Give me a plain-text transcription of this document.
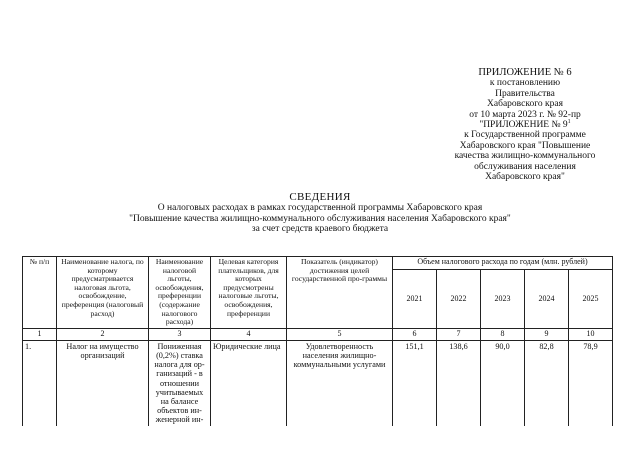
ПРИЛОЖЕНИЕ № 6
к постановлению
Правительства
Хабаровского края
от 10 марта 2023 г. № 92-пр
"ПРИЛОЖЕНИЕ № $9^1$
к Государственной программе
Хабаровского края "Повышение
качества жилищно-коммунального
обслуживания населения
Хабаровского края"
СВЕДЕНИЯ
О налоговых расходах в рамках государственной программы Хабаровского края
"Повышение качества жилищно-коммунального обслуживания населения Хабаровского края"
за счет средств краевого бюджета
№ п/п	Наименование налога, по которому предусматривается налоговая льгота, освобождение, преференция (налоговый расход)	Наименование налоговой льготы, освобождения, преференции (содержание налогового расхода)	Целевая категория плательщиков, для которых предусмотрены налоговые льготы, освобождения, преференции	Показатель (индикатор) достижения целей государственной про-граммы	Объем налогового расхода по годам (млн. рублей)				
					2021	2022	2023	2024	2025
1	2	3	4	5	6	7	8	9	10
1.	Налог на имущество организаций	Пониженная (0,2%) ставка налога для ор-ганизаций - в отношении учитываемых на балансе объектов ин-женерной ин-	Юридические лица	Удовлетворенность населения жилищно-коммунальными услугами	151,1	138,6	90,0	82,8	78,9
